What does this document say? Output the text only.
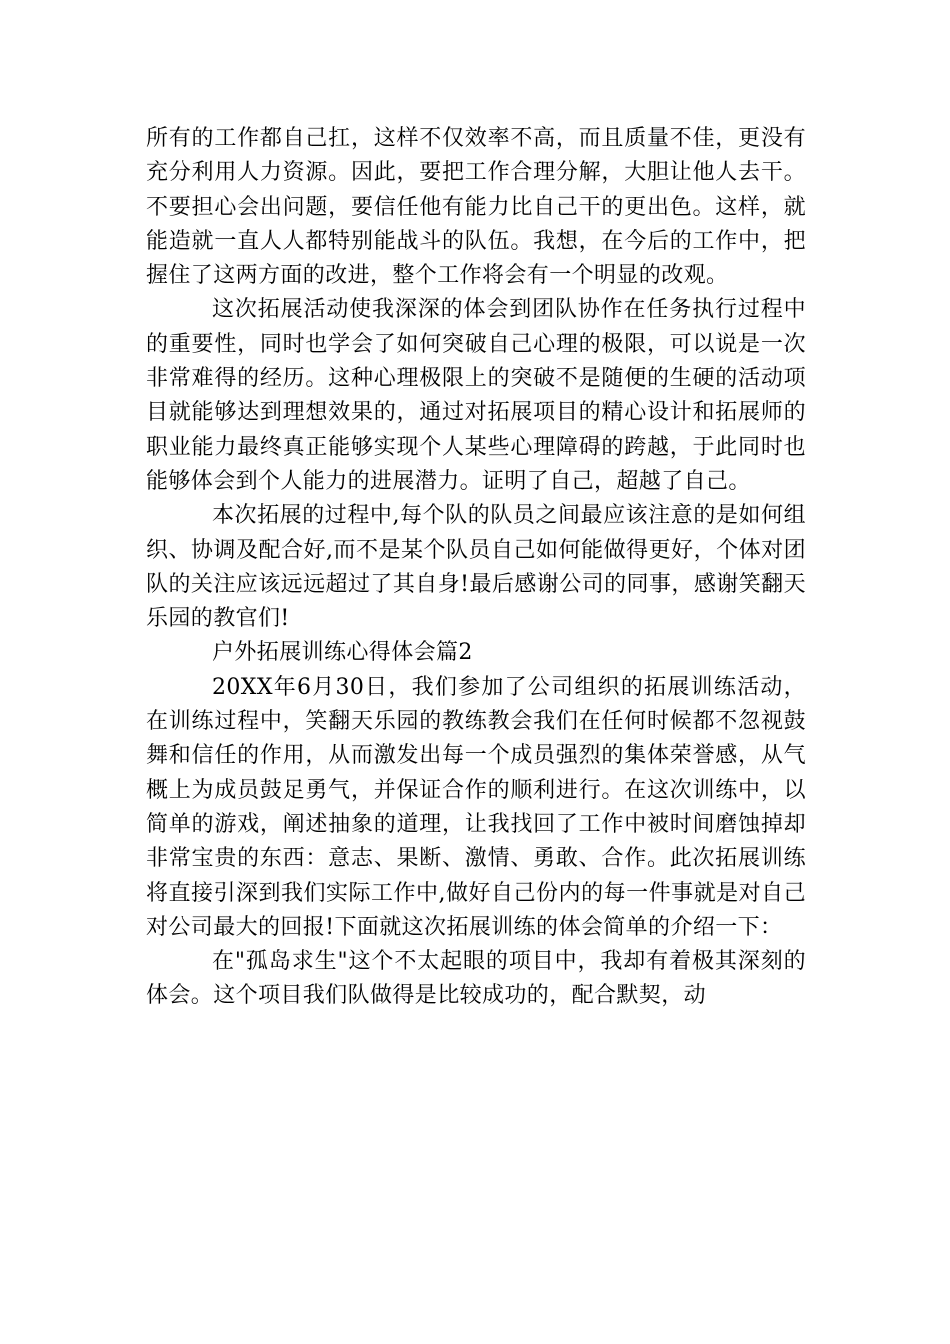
所有的工作都自己扛，这样不仅效率不高，而且质量不佳，更没有充分利用人力资源。因此，要把工作合理分解，大胆让他人去干。不要担心会出问题，要信任他有能力比自己干的更出色。这样，就能造就一直人人都特别能战斗的队伍。我想，在今后的工作中，把握住了这两方面的改进，整个工作将会有一个明显的改观。

这次拓展活动使我深深的体会到团队协作在任务执行过程中的重要性，同时也学会了如何突破自己心理的极限，可以说是一次非常难得的经历。这种心理极限上的突破不是随便的生硬的活动项目就能够达到理想效果的，通过对拓展项目的精心设计和拓展师的职业能力最终真正能够实现个人某些心理障碍的跨越，于此同时也能够体会到个人能力的进展潜力。证明了自己，超越了自己。

本次拓展的过程中,每个队的队员之间最应该注意的是如何组织、协调及配合好,而不是某个队员自己如何能做得更好，个体对团队的关注应该远远超过了其自身!最后感谢公司的同事，感谢笑翻天乐园的教官们!

户外拓展训练心得体会篇2

20XX年6月30日，我们参加了公司组织的拓展训练活动，在训练过程中，笑翻天乐园的教练教会我们在任何时候都不忽视鼓舞和信任的作用，从而激发出每一个成员强烈的集体荣誉感，从气概上为成员鼓足勇气，并保证合作的顺利进行。在这次训练中，以简单的游戏，阐述抽象的道理，让我找回了工作中被时间磨蚀掉却非常宝贵的东西：意志、果断、激情、勇敢、合作。此次拓展训练将直接引深到我们实际工作中,做好自己份内的每一件事就是对自己对公司最大的回报!下面就这次拓展训练的体会简单的介绍一下：

在"孤岛求生"这个不太起眼的项目中，我却有着极其深刻的体会。这个项目我们队做得是比较成功的，配合默契，动
